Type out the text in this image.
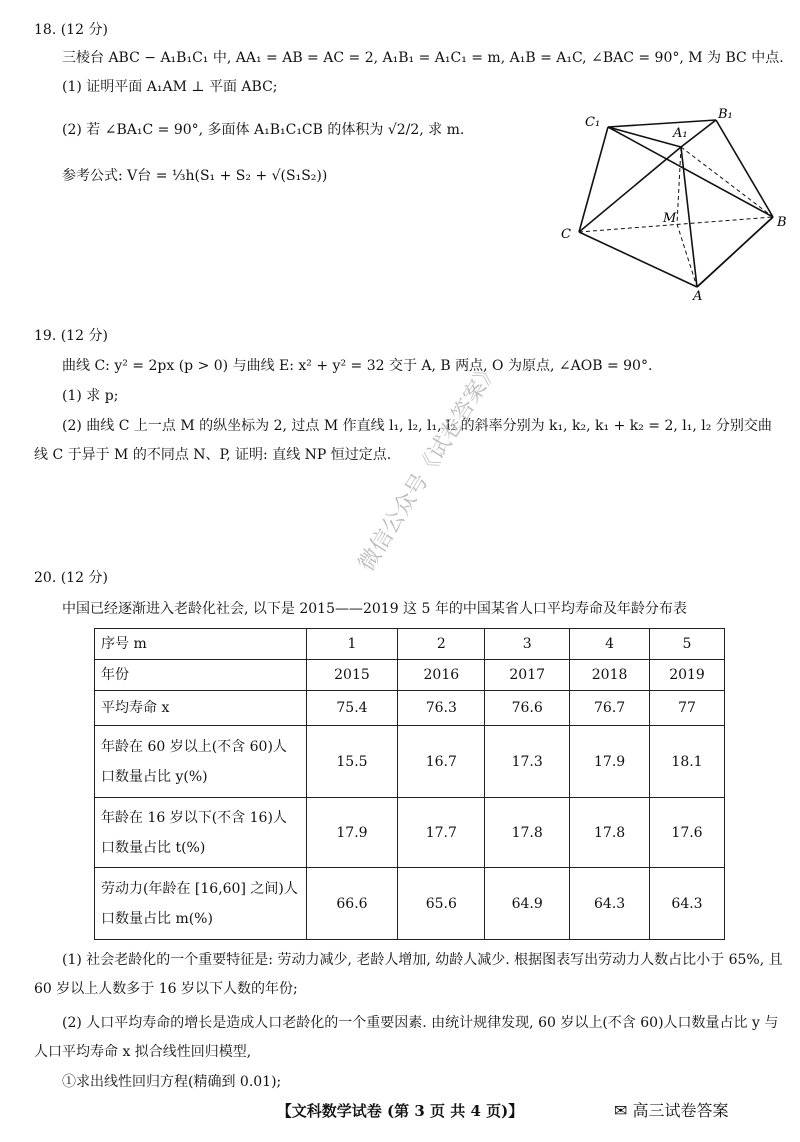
18. (12 分)
三棱台 ABC − A₁B₁C₁ 中, AA₁ = AB = AC = 2, A₁B₁ = A₁C₁ = m, A₁B = A₁C, ∠BAC = 90°, M 为 BC 中点.
(1) 证明平面 A₁AM ⊥ 平面 ABC;
(2) 若 ∠BA₁C = 90°, 多面体 A₁B₁C₁CB 的体积为 √2/2, 求 m.
参考公式: V台 = ⅓h(S₁ + S₂ + √(S₁S₂))
C₁
B₁
A₁
M
C
B
A
19. (12 分)
曲线 C: y² = 2px (p > 0) 与曲线 E: x² + y² = 32 交于 A, B 两点, O 为原点, ∠AOB = 90°.
(1) 求 p;
(2) 曲线 C 上一点 M 的纵坐标为 2, 过点 M 作直线 l₁, l₂, l₁, l₂ 的斜率分别为 k₁, k₂, k₁ + k₂ = 2, l₁, l₂ 分别交曲线 C 于异于 M 的不同点 N、P, 证明: 直线 NP 恒过定点.
微信公众号《试卷答案》
20. (12 分)
中国已经逐渐进入老龄化社会, 以下是 2015——2019 这 5 年的中国某省人口平均寿命及年龄分布表
序号 m	1	2	3	4	5
年份	2015	2016	2017	2018	2019
平均寿命 x	75.4	76.3	76.6	76.7	77
年龄在 60 岁以上(不含 60)人口数量占比 y(%)	15.5	16.7	17.3	17.9	18.1
年龄在 16 岁以下(不含 16)人口数量占比 t(%)	17.9	17.7	17.8	17.8	17.6
劳动力(年龄在 [16,60] 之间)人口数量占比 m(%)	66.6	65.6	64.9	64.3	64.3
(1) 社会老龄化的一个重要特征是: 劳动力减少, 老龄人增加, 幼龄人减少. 根据图表写出劳动力人数占比小于 65%, 且 60 岁以上人数多于 16 岁以下人数的年份;
(2) 人口平均寿命的增长是造成人口老龄化的一个重要因素. 由统计规律发现, 60 岁以上(不含 60)人口数量占比 y 与人口平均寿命 x 拟合线性回归模型,
①求出线性回归方程(精确到 0.01);
【文科数学试卷 (第 3 页 共 4 页)】	✉ 高三试卷答案
